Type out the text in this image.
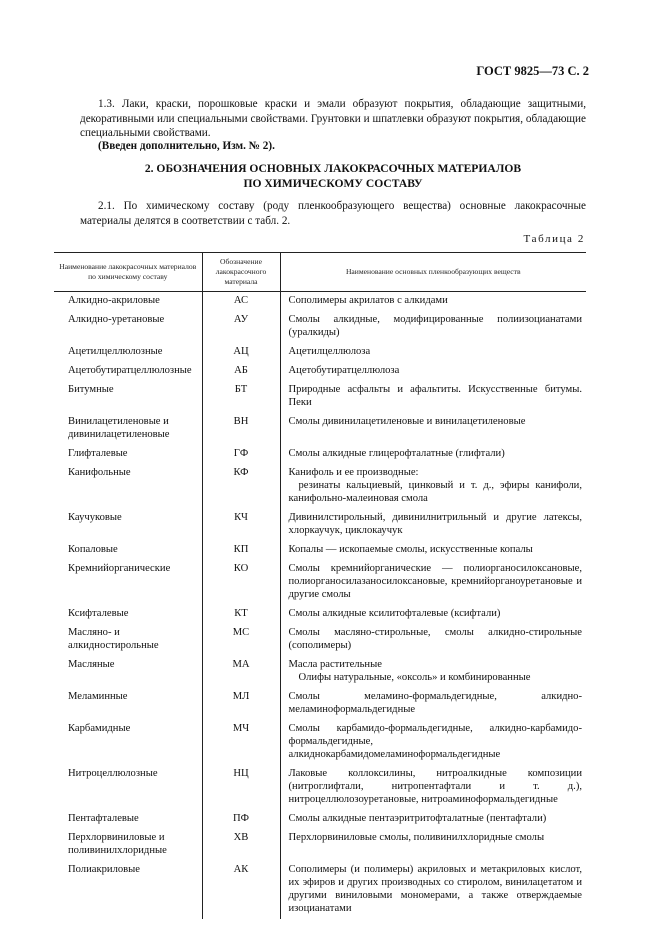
ГОСТ 9825—73 С. 2
1.3. Лаки, краски, порошковые краски и эмали образуют покрытия, обладающие защитными, декоративными или специальными свойствами. Грунтовки и шпатлевки образуют покрытия, обладающие специальными свойствами.
(Введен дополнительно, Изм. № 2).
2. ОБОЗНАЧЕНИЯ ОСНОВНЫХ ЛАКОКРАСОЧНЫХ МАТЕРИАЛОВ
ПО ХИМИЧЕСКОМУ СОСТАВУ
2.1. По химическому составу (роду пленкообразующего вещества) основные лакокрасочные материалы делятся в соответствии с табл. 2.
Таблица 2
Наименование лакокрасочных материалов по химическому составу	Обозначение лакокрасочного материала	Наименование основных пленкообразующих веществ
Алкидно-акриловые	АС	Сополимеры акрилатов с алкидами
Алкидно-уретановые	АУ	Смолы алкидные, модифицированные полиизоцианатами (уралкиды)
Ацетилцеллюлозные	АЦ	Ацетилцеллюлоза
Ацетобутиратцеллюлозные	АБ	Ацетобутиратцеллюлоза
Битумные	БТ	Природные асфальты и афальтиты. Искусственные битумы. Пеки
Винилацетиленовые и дивинилацетиленовые	ВН	Смолы дивинилацетиленовые и винилацетиленовые
Глифталевые	ГФ	Смолы алкидные глицерофталатные (глифтали)
Канифольные	КФ	Канифоль и ее производные:
резинаты кальциевый, цинковый и т. д., эфиры канифоли, канифольно-малеиновая смола

Каучуковые	КЧ	Дивинилстирольный, дивинилнитрильный и другие латексы, хлоркаучук, циклокаучук
Копаловые	КП	Копалы — ископаемые смолы, искусственные копалы
Кремнийорганические	КО	Смолы кремнийорганические — полиорганосилоксановые, полиорганосилазаносилоксановые, кремнийорганоуретановые и другие смолы
Ксифталевые	КТ	Смолы алкидные ксилитофталевые (ксифтали)
Масляно- и алкидностирольные	МС	Смолы масляно-стирольные, смолы алкидно-стирольные (сополимеры)
Масляные	МА	Масла растительные
Олифы натуральные, «оксоль» и комбинированные

Меламинные	МЛ	Смолы меламино-формальдегидные, алкидно-меламиноформальдегидные
Карбамидные	МЧ	Смолы карбамидо-формальдегидные, алкидно-карбамидо-формальдегидные, алкиднокарбамидомеламиноформальдегидные
Нитроцеллюлозные	НЦ	Лаковые коллоксилины, нитроалкидные композиции (нитроглифтали, нитропентафтали и т. д.), нитроцеллюлозоуретановые, нитроаминоформальдегидные
Пентафталевые	ПФ	Смолы алкидные пентаэритритофталатные (пентафтали)
Перхлорвиниловые и поливинилхлоридные	ХВ	Перхлорвиниловые смолы, поливинилхлоридные смолы
Полиакриловые	АК	Сополимеры (и полимеры) акриловых и метакриловых кислот, их эфиров и других производных со стиролом, винилацетатом и другими виниловыми мономерами, а также отверждаемые изоцианатами
